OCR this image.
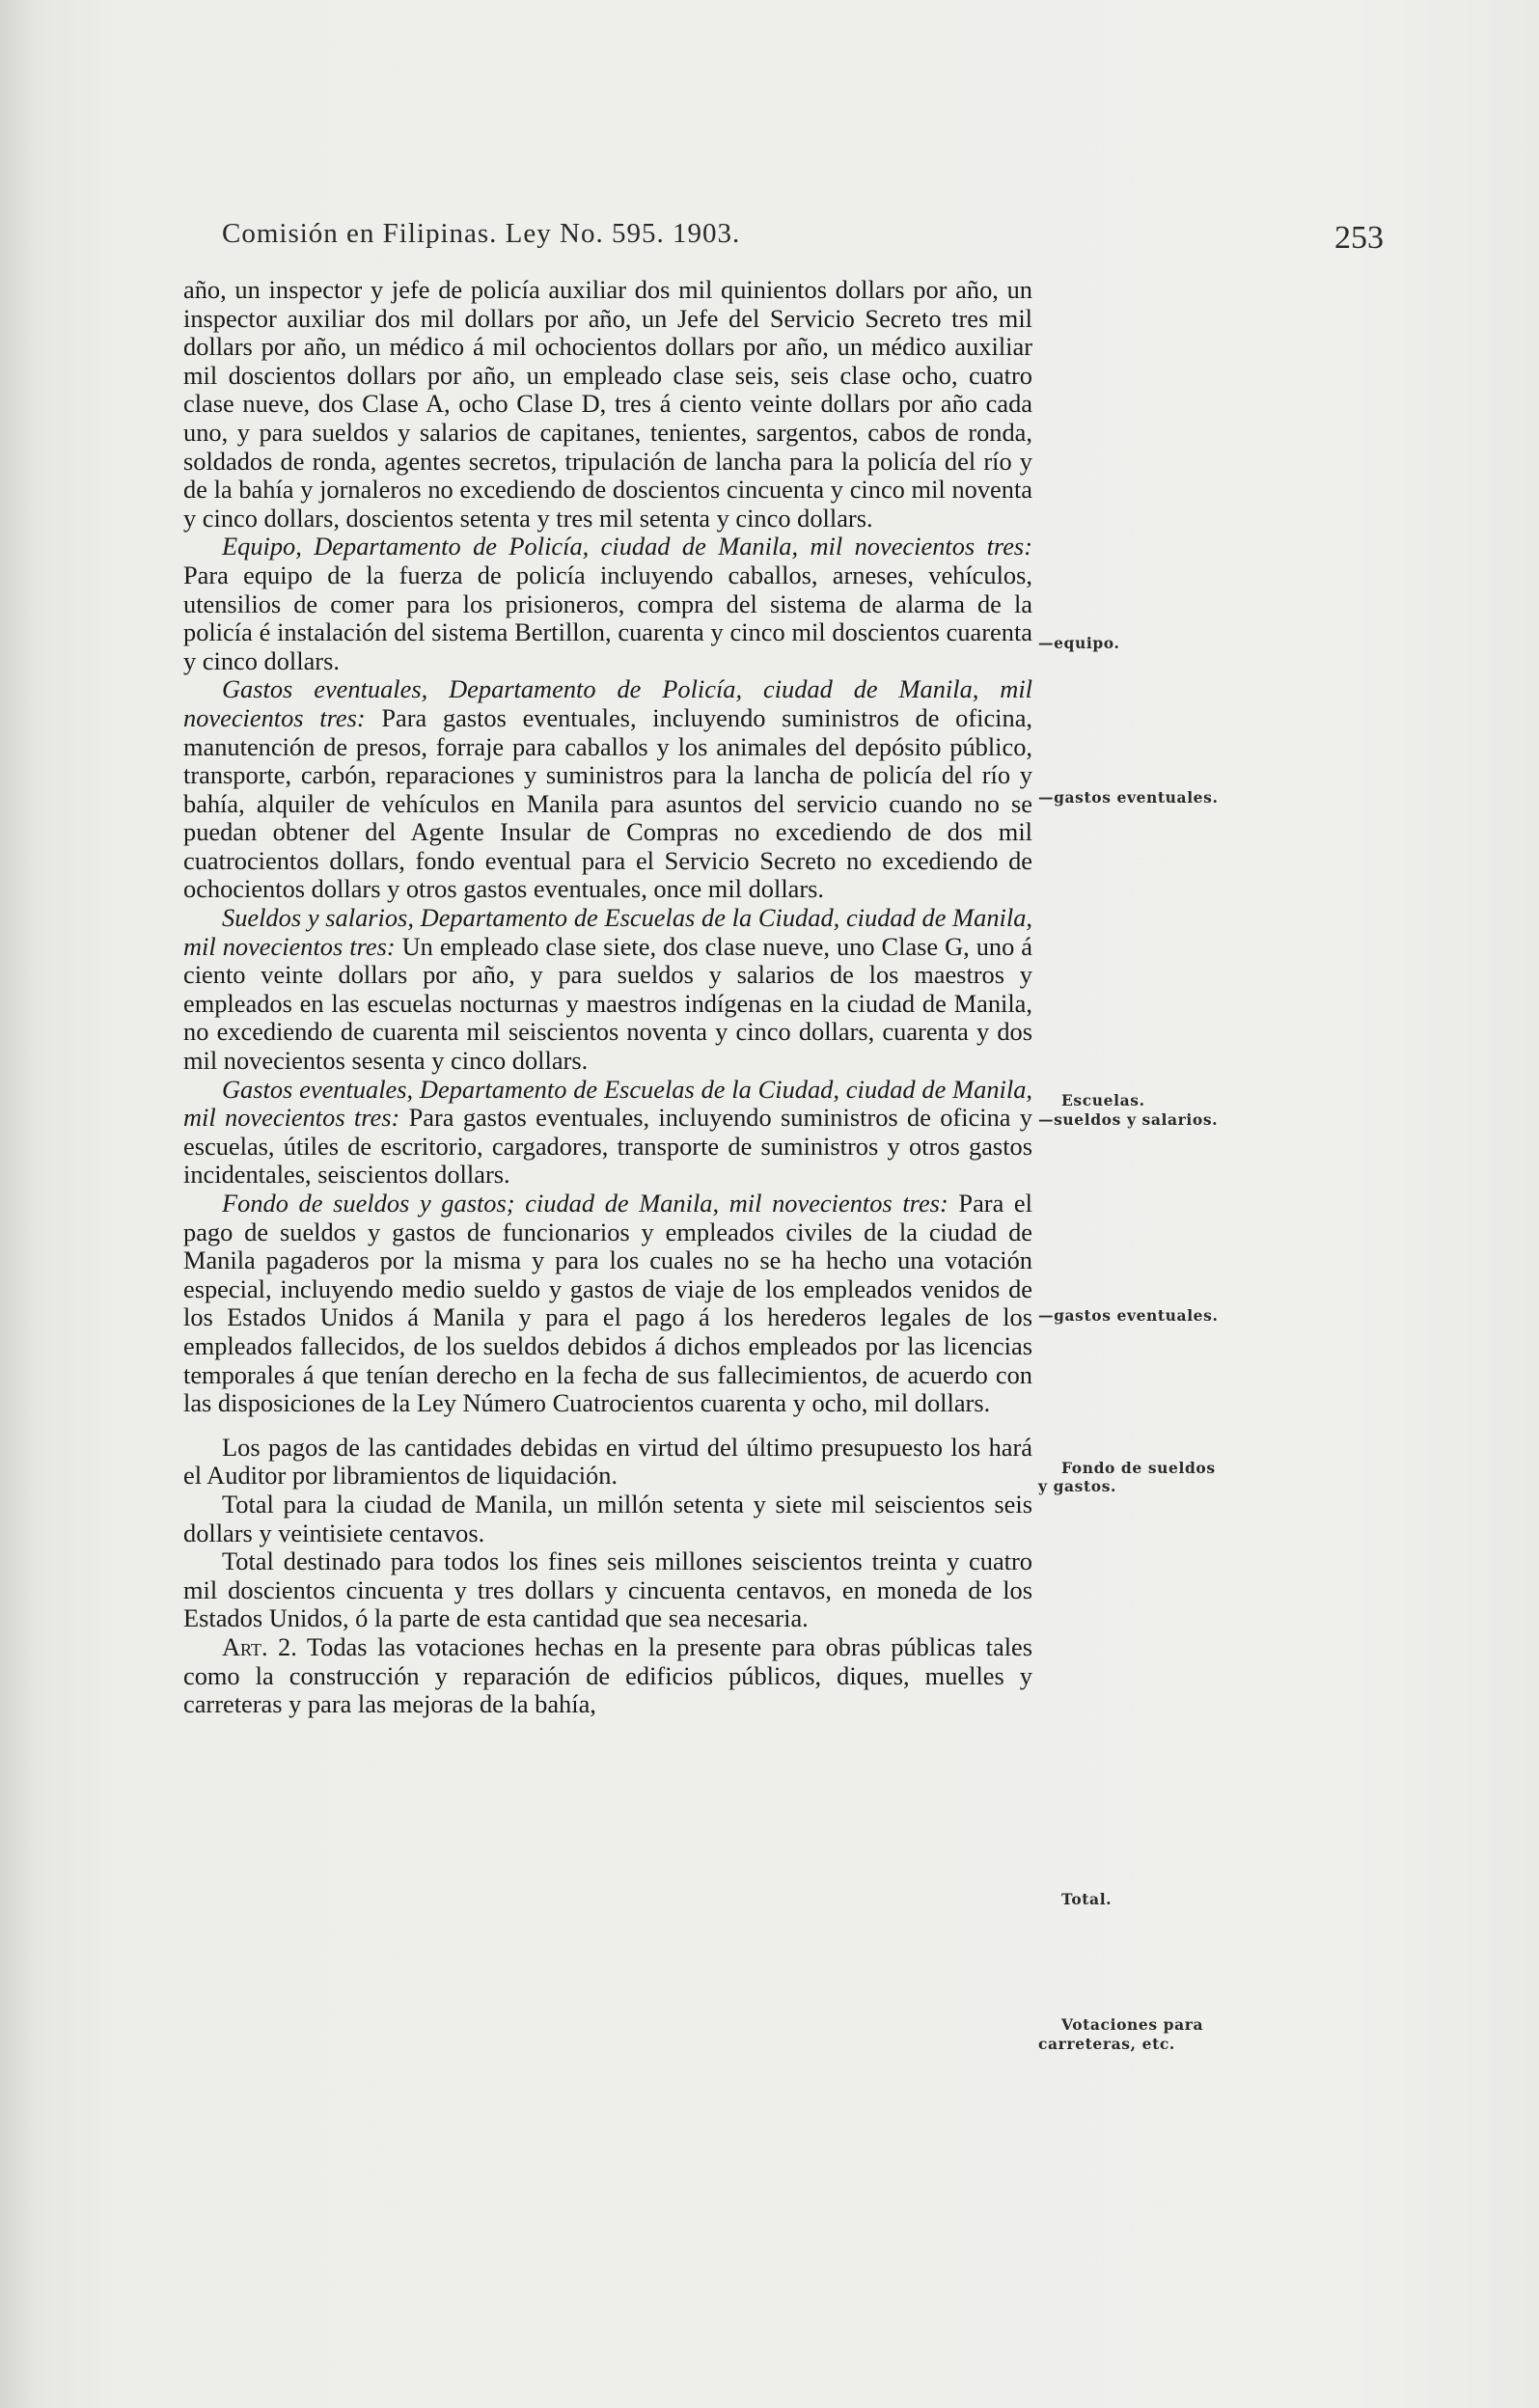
Comisión en Filipinas. Ley No. 595. 1903.	253

año, un inspector y jefe de policía auxiliar dos mil quinientos dollars por año, un inspector auxiliar dos mil dollars por año, un Jefe del Servicio Secreto tres mil dollars por año, un médico á mil ochocientos dollars por año, un médico auxiliar mil doscientos dollars por año, un empleado clase seis, seis clase ocho, cuatro clase nueve, dos Clase A, ocho Clase D, tres á ciento veinte dollars por año cada uno, y para sueldos y salarios de capitanes, tenientes, sargentos, cabos de ronda, soldados de ronda, agentes secretos, tripulación de lancha para la policía del río y de la bahía y jornaleros no excediendo de doscientos cincuenta y cinco mil noventa y cinco dollars, doscientos setenta y tres mil setenta y cinco dollars.

Equipo, Departamento de Policía, ciudad de Manila, mil novecientos tres: Para equipo de la fuerza de policía incluyendo caballos, arneses, vehículos, utensilios de comer para los prisioneros, compra del sistema de alarma de la policía é instalación del sistema Bertillon, cuarenta y cinco mil doscientos cuarenta y cinco dollars.

Gastos eventuales, Departamento de Policía, ciudad de Manila, mil novecientos tres: Para gastos eventuales, incluyendo suministros de oficina, manutención de presos, forraje para caballos y los animales del depósito público, transporte, carbón, reparaciones y suministros para la lancha de policía del río y bahía, alquiler de vehículos en Manila para asuntos del servicio cuando no se puedan obtener del Agente Insular de Compras no excediendo de dos mil cuatrocientos dollars, fondo eventual para el Servicio Secreto no excediendo de ochocientos dollars y otros gastos eventuales, once mil dollars.

Sueldos y salarios, Departamento de Escuelas de la Ciudad, ciudad de Manila, mil novecientos tres: Un empleado clase siete, dos clase nueve, uno Clase G, uno á ciento veinte dollars por año, y para sueldos y salarios de los maestros y empleados en las escuelas nocturnas y maestros indígenas en la ciudad de Manila, no excediendo de cuarenta mil seiscientos noventa y cinco dollars, cuarenta y dos mil novecientos sesenta y cinco dollars.

Gastos eventuales, Departamento de Escuelas de la Ciudad, ciudad de Manila, mil novecientos tres: Para gastos eventuales, incluyendo suministros de oficina y escuelas, útiles de escritorio, cargadores, transporte de suministros y otros gastos incidentales, seiscientos dollars.

Fondo de sueldos y gastos; ciudad de Manila, mil novecientos tres: Para el pago de sueldos y gastos de funcionarios y empleados civiles de la ciudad de Manila pagaderos por la misma y para los cuales no se ha hecho una votación especial, incluyendo medio sueldo y gastos de viaje de los empleados venidos de los Estados Unidos á Manila y para el pago á los herederos legales de los empleados fallecidos, de los sueldos debidos á dichos empleados por las licencias temporales á que tenían derecho en la fecha de sus fallecimientos, de acuerdo con las disposiciones de la Ley Número Cuatrocientos cuarenta y ocho, mil dollars.

Los pagos de las cantidades debidas en virtud del último presupuesto los hará el Auditor por libramientos de liquidación.

Total para la ciudad de Manila, un millón setenta y siete mil seiscientos seis dollars y veintisiete centavos.

Total destinado para todos los fines seis millones seiscientos treinta y cuatro mil doscientos cincuenta y tres dollars y cincuenta centavos, en moneda de los Estados Unidos, ó la parte de esta cantidad que sea necesaria.

Art. 2. Todas las votaciones hechas en la presente para obras públicas tales como la construcción y reparación de edificios públicos, diques, muelles y carreteras y para las mejoras de la bahía,

—equipo.
—gastos eventuales.
Escuelas.
—sueldos y salarios.
—gastos eventuales.
Fondo de sueldos
y gastos.
Total.
Votaciones para
carreteras, etc.
